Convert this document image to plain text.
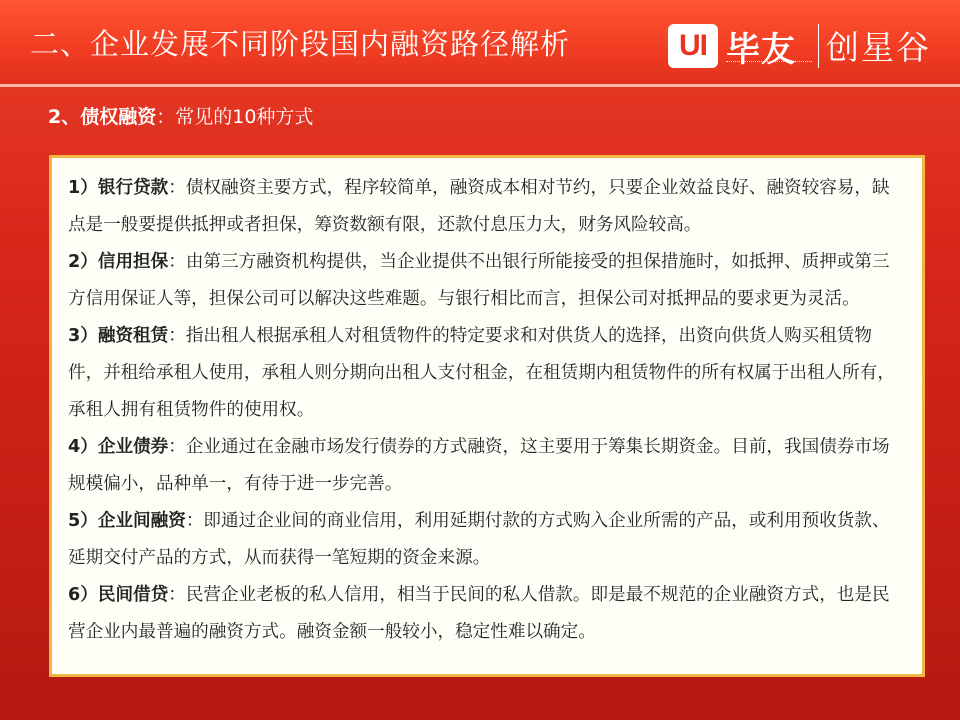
二、企业发展不同阶段国内融资路径解析	UI 毕友 创星谷
2、债权融资：常见的10种方式
1）银行贷款：债权融资主要方式，程序较简单，融资成本相对节约，只要企业效益良好、融资较容易，缺点是一般要提供抵押或者担保，筹资数额有限，还款付息压力大，财务风险较高。
2）信用担保：由第三方融资机构提供，当企业提供不出银行所能接受的担保措施时，如抵押、质押或第三方信用保证人等，担保公司可以解决这些难题。与银行相比而言，担保公司对抵押品的要求更为灵活。
3）融资租赁：指出租人根据承租人对租赁物件的特定要求和对供货人的选择，出资向供货人购买租赁物件，并租给承租人使用，承租人则分期向出租人支付租金，在租赁期内租赁物件的所有权属于出租人所有，承租人拥有租赁物件的使用权。
4）企业债券：企业通过在金融市场发行债券的方式融资，这主要用于筹集长期资金。目前，我国债券市场规模偏小，品种单一，有待于进一步完善。
5）企业间融资：即通过企业间的商业信用，利用延期付款的方式购入企业所需的产品，或利用预收货款、延期交付产品的方式，从而获得一笔短期的资金来源。
6）民间借贷：民营企业老板的私人信用，相当于民间的私人借款。即是最不规范的企业融资方式，也是民营企业内最普遍的融资方式。融资金额一般较小，稳定性难以确定。
